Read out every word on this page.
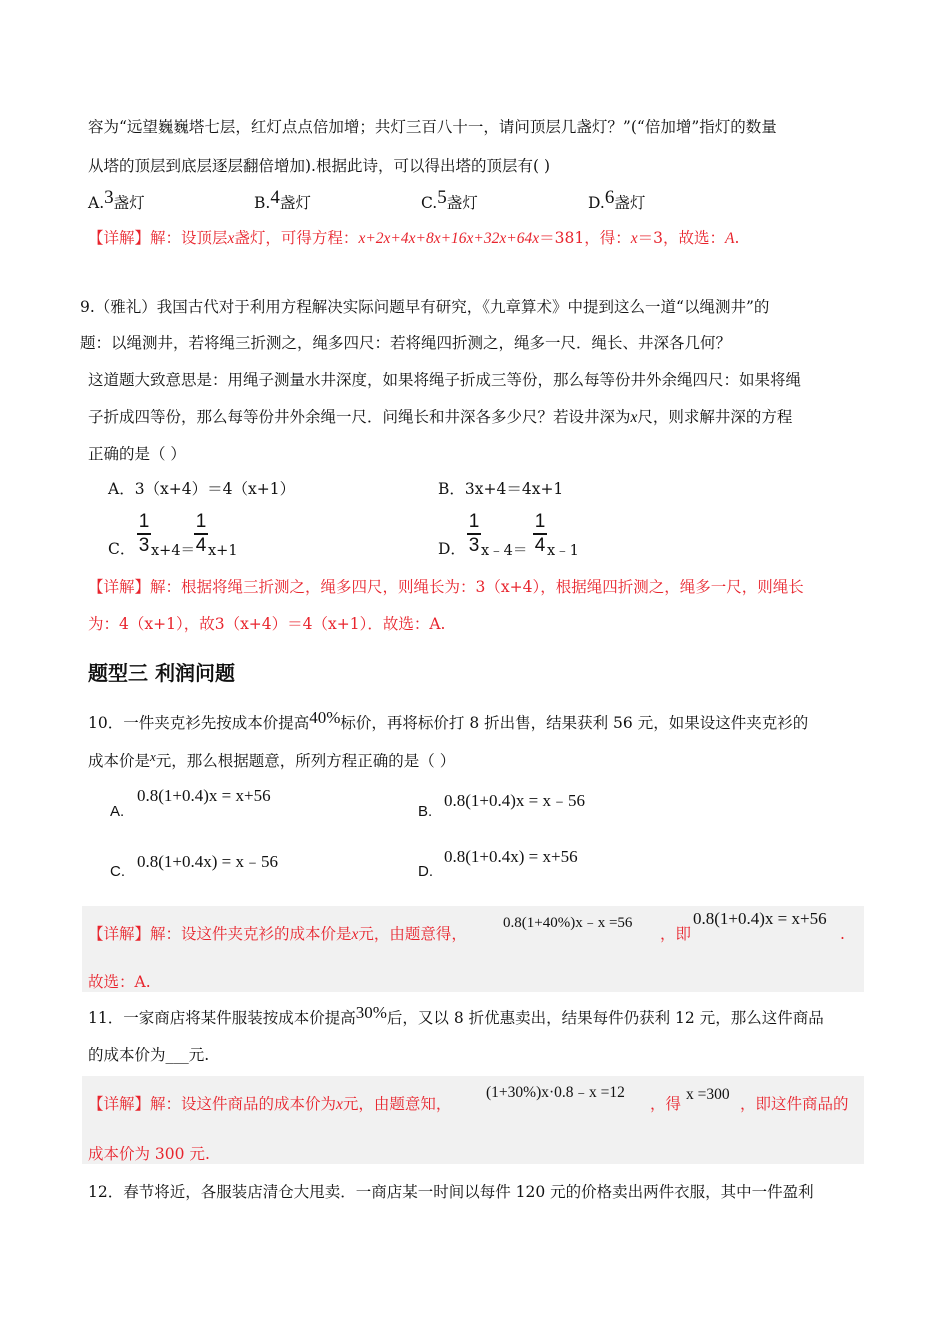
容为“远望巍巍塔七层，红灯点点倍加增；共灯三百八十一，请问顶层几盏灯？”(“倍加增”指灯的数量
从塔的顶层到底层逐层翻倍增加).根据此诗，可以得出塔的顶层有( )
A.3盏灯	B.4盏灯	C.5盏灯	D.6盏灯
【详解】解：设顶层x盏灯，可得方程：x+2x+4x+8x+16x+32x+64x＝381，得：x＝3，故选：A.
9.（雅礼）我国古代对于利用方程解决实际问题早有研究，《九章算术》中提到这么一道“以绳测井”的
题：以绳测井，若将绳三折测之，绳多四尺：若将绳四折测之，绳多一尺．绳长、井深各几何？
这道题大致意思是：用绳子测量水井深度，如果将绳子折成三等份，那么每等份井外余绳四尺：如果将绳
子折成四等份，那么每等份井外余绳一尺．问绳长和井深各多少尺？若设井深为x尺，则求解井深的方程
正确的是（ ）
A．3（x+4）＝4（x+1）	B．3x+4＝4x+1
C．
1
3 x+4＝
1
4 x+1	D．
1
3 x﹣4＝
1
4 x﹣1
【详解】解：根据将绳三折测之，绳多四尺，则绳长为：3（x+4），根据绳四折测之，绳多一尺，则绳长
为：4（x+1），故3（x+4）＝4（x+1）．故选：A.
题型三 利润问题
10．一件夹克衫先按成本价提高40%标价，再将标价打 8 折出售，结果获利 56 元，如果设这件夹克衫的
成本价是$^x$元，那么根据题意，所列方程正确的是（ ）
A.
0.8(1+0.4)x = x+56
B.
0.8(1+0.4)x = x﹣56
C.
0.8(1+0.4x) = x﹣56
D.
0.8(1+0.4x) = x+56
【详解】解：设这件夹克衫的成本价是x元，由题意得，
0.8(1+40%)x﹣x =56
，即
0.8(1+0.4)x = x+56
.
故选：A.
11．一家商店将某件服装按成本价提高30%后，又以 8 折优惠卖出，结果每件仍获利 12 元，那么这件商品
的成本价为___元.
【详解】解：设这件商品的成本价为x元，由题意知，
(1+30%)x·0.8﹣x =12
，得
x =300
，即这件商品的
成本价为 300 元.
12．春节将近，各服装店清仓大甩卖．一商店某一时间以每件 120 元的价格卖出两件衣服，其中一件盈利
